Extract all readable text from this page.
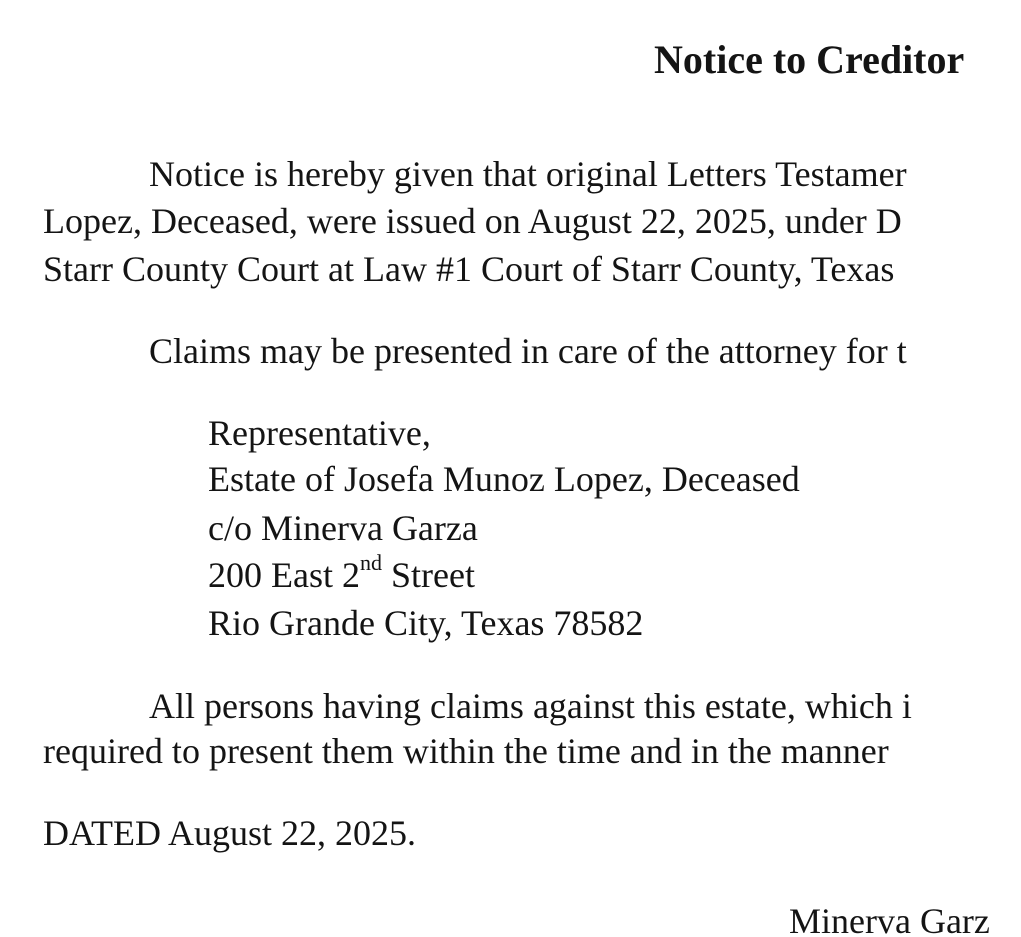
Notice to Creditor
Notice is hereby given that original Letters Testamer
Lopez, Deceased, were issued on August 22, 2025, under D
Starr County Court at Law #1 Court of Starr County, Texas
Claims may be presented in care of the attorney for t
Representative,
Estate of Josefa Munoz Lopez, Deceased
c/o Minerva Garza
200 East 2nd Street
Rio Grande City, Texas 78582
All persons having claims against this estate, which i
required to present them within the time and in the manner
DATED August 22, 2025.
Minerva Garz
